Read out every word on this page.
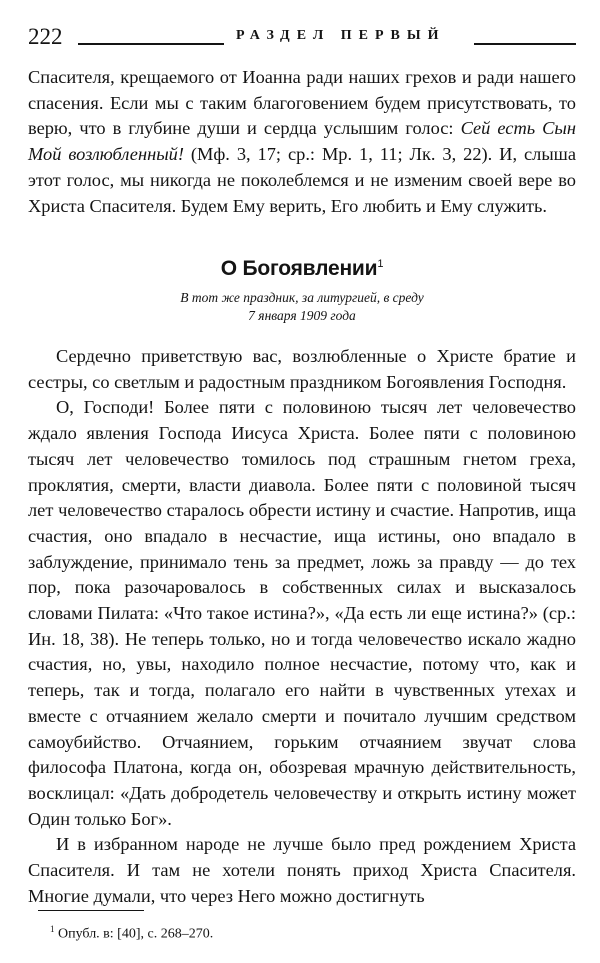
222	РАЗДЕЛ ПЕРВЫЙ

Спасителя, крещаемого от Иоанна ради наших грехов и ради нашего спасения. Если мы с таким благоговением будем присутствовать, то верю, что в глубине души и сердца услышим голос: Сей есть Сын Мой возлюбленный! (Мф. 3, 17; ср.: Мр. 1, 11; Лк. 3, 22). И, слыша этот голос, мы никогда не поколеблемся и не изменим своей вере во Христа Спасителя. Будем Ему верить, Его любить и Ему служить.

О Богоявлении$^1$
В тот же праздник, за литургией, в среду
7 января 1909 года

Сердечно приветствую вас, возлюбленные о Христе братие и сестры, со светлым и радостным праздником Богоявления Господня.

О, Господи! Более пяти с половиною тысяч лет человечество ждало явления Господа Иисуса Христа. Более пяти с половиною тысяч лет человечество томилось под страшным гнетом греха, проклятия, смерти, власти диавола. Более пяти с половиной тысяч лет человечество старалось обрести истину и счастие. Напротив, ища счастия, оно впадало в несчастие, ища истины, оно впадало в заблуждение, принимало тень за предмет, ложь за правду — до тех пор, пока разочаровалось в собственных силах и высказалось словами Пилата: «Что такое истина?», «Да есть ли еще истина?» (ср.: Ин. 18, 38). Не теперь только, но и тогда человечество искало жадно счастия, но, увы, находило полное несчастие, потому что, как и теперь, так и тогда, полагало его найти в чувственных утехах и вместе с отчаянием желало смерти и почитало лучшим средством самоубийство. Отчаянием, горьким отчаянием звучат слова философа Платона, когда он, обозревая мрачную действительность, восклицал: «Дать добродетель человечеству и открыть истину может Один только Бог».

И в избранном народе не лучше было пред рождением Христа Спасителя. И там не хотели понять приход Христа Спасителя. Многие думали, что через Него можно достигнуть

$^1$ Опубл. в: [40], с. 268–270.
